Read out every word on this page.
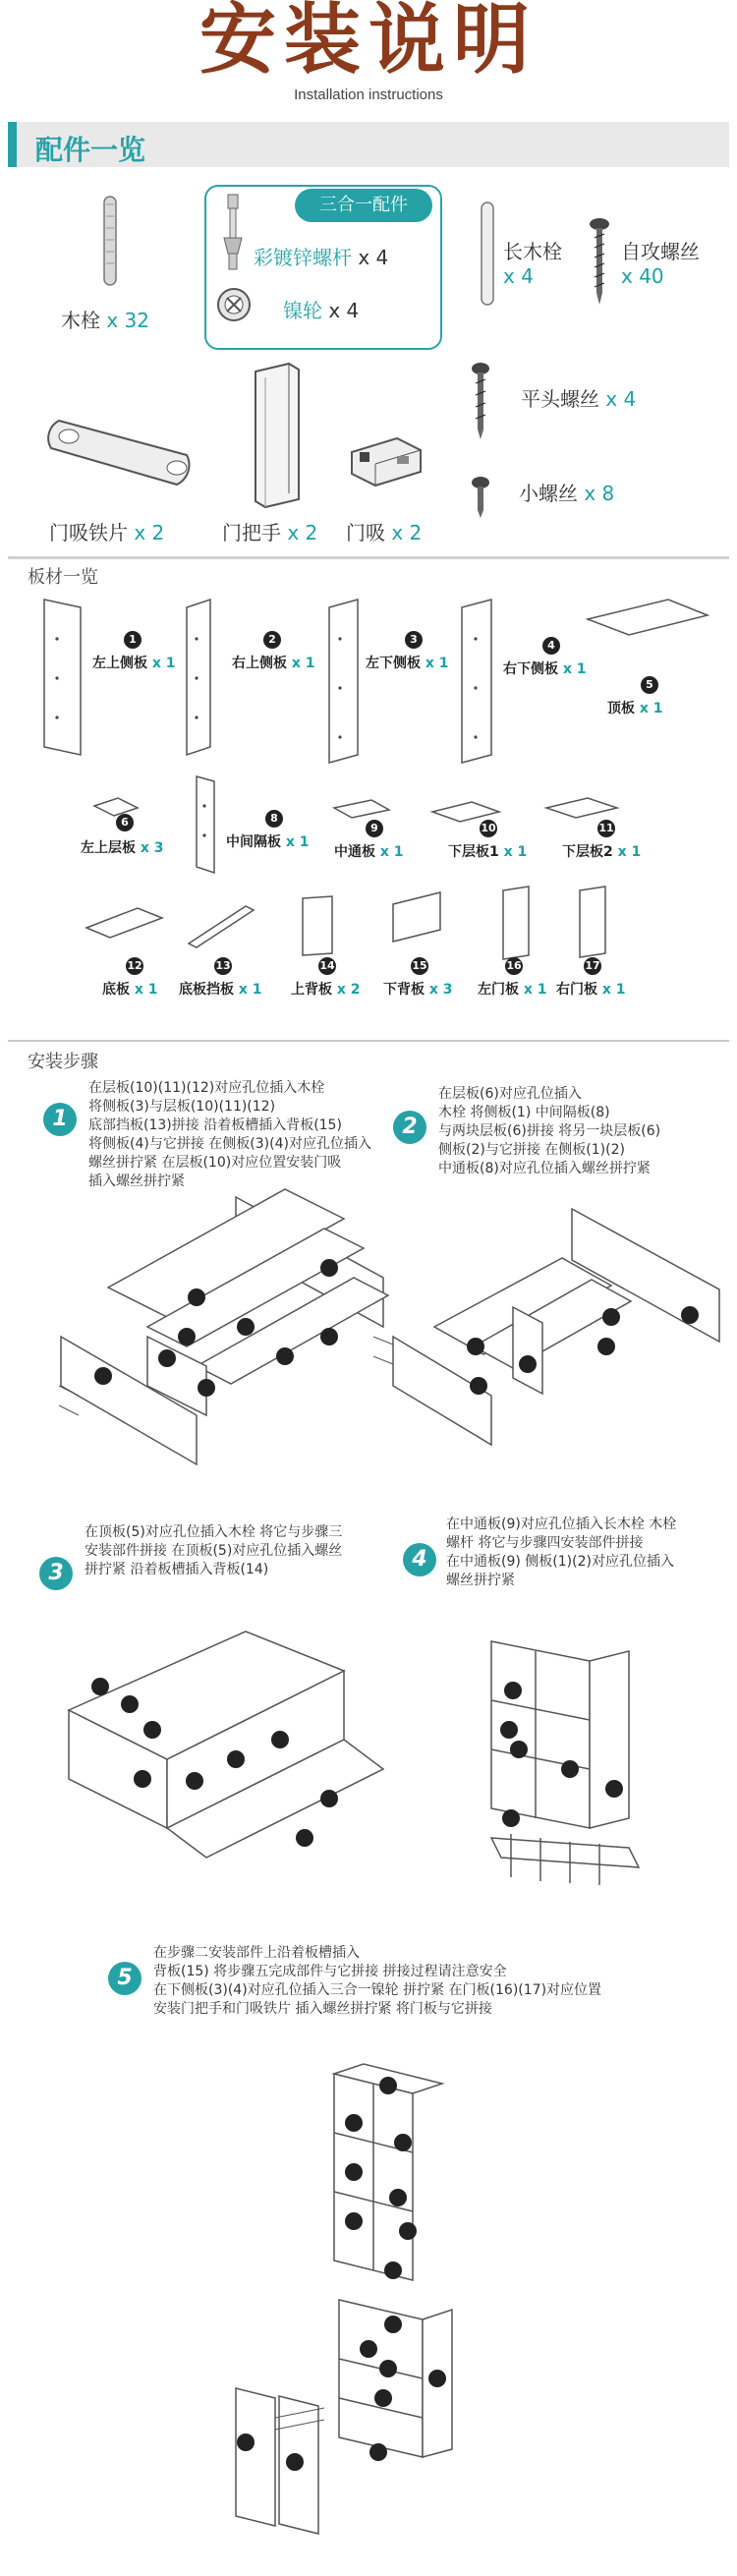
安装说明
Installation instructions
配件一览
木栓 x 32
三合一配件
彩镀锌螺杆 x 4
镍轮 x 4
长木栓
x 4
自攻螺丝
x 40
平头螺丝 x 4
小螺丝 x 8
门吸铁片 x 2	门把手 x 2 门吸 x 2
板材一览
1
左上侧板 x 1
2
右上侧板 x 1
3
左下侧板 x 1
4
右下侧板 x 1
5
顶板 x 1
6
左上层板 x 3
8
中间隔板 x 1
9
中通板 x 1
10
下层板1 x 1
11
下层板2 x 1
12
底板 x 1
13
底板挡板 x 1
14
上背板 x 2
15
下背板 x 3
16
左门板 x 1
17
右门板 x 1
安装步骤
1
在层板(10)(11)(12)对应孔位插入木栓
将侧板(3)与层板(10)(11)(12)
底部挡板(13)拼接 沿着板槽插入背板(15)
将侧板(4)与它拼接 在侧板(3)(4)对应孔位插入
螺丝拼拧紧 在层板(10)对应位置安装门吸
插入螺丝拼拧紧
2
在层板(6)对应孔位插入
木栓 将侧板(1) 中间隔板(8)
与两块层板(6)拼接 将另一块层板(6)
侧板(2)与它拼接 在侧板(1)(2)
中通板(8)对应孔位插入螺丝拼拧紧
3
在顶板(5)对应孔位插入木栓 将它与步骤三
安装部件拼接 在顶板(5)对应孔位插入螺丝
拼拧紧 沿着板槽插入背板(14)	4
在中通板(9)对应孔位插入长木栓 木栓
螺杆 将它与步骤四安装部件拼接
在中通板(9) 侧板(1)(2)对应孔位插入
螺丝拼拧紧
5
在步骤二安装部件上沿着板槽插入
背板(15) 将步骤五完成部件与它拼接 拼接过程请注意安全
在下侧板(3)(4)对应孔位插入三合一镍轮 拼拧紧 在门板(16)(17)对应位置
安装门把手和门吸铁片 插入螺丝拼拧紧 将门板与它拼接
